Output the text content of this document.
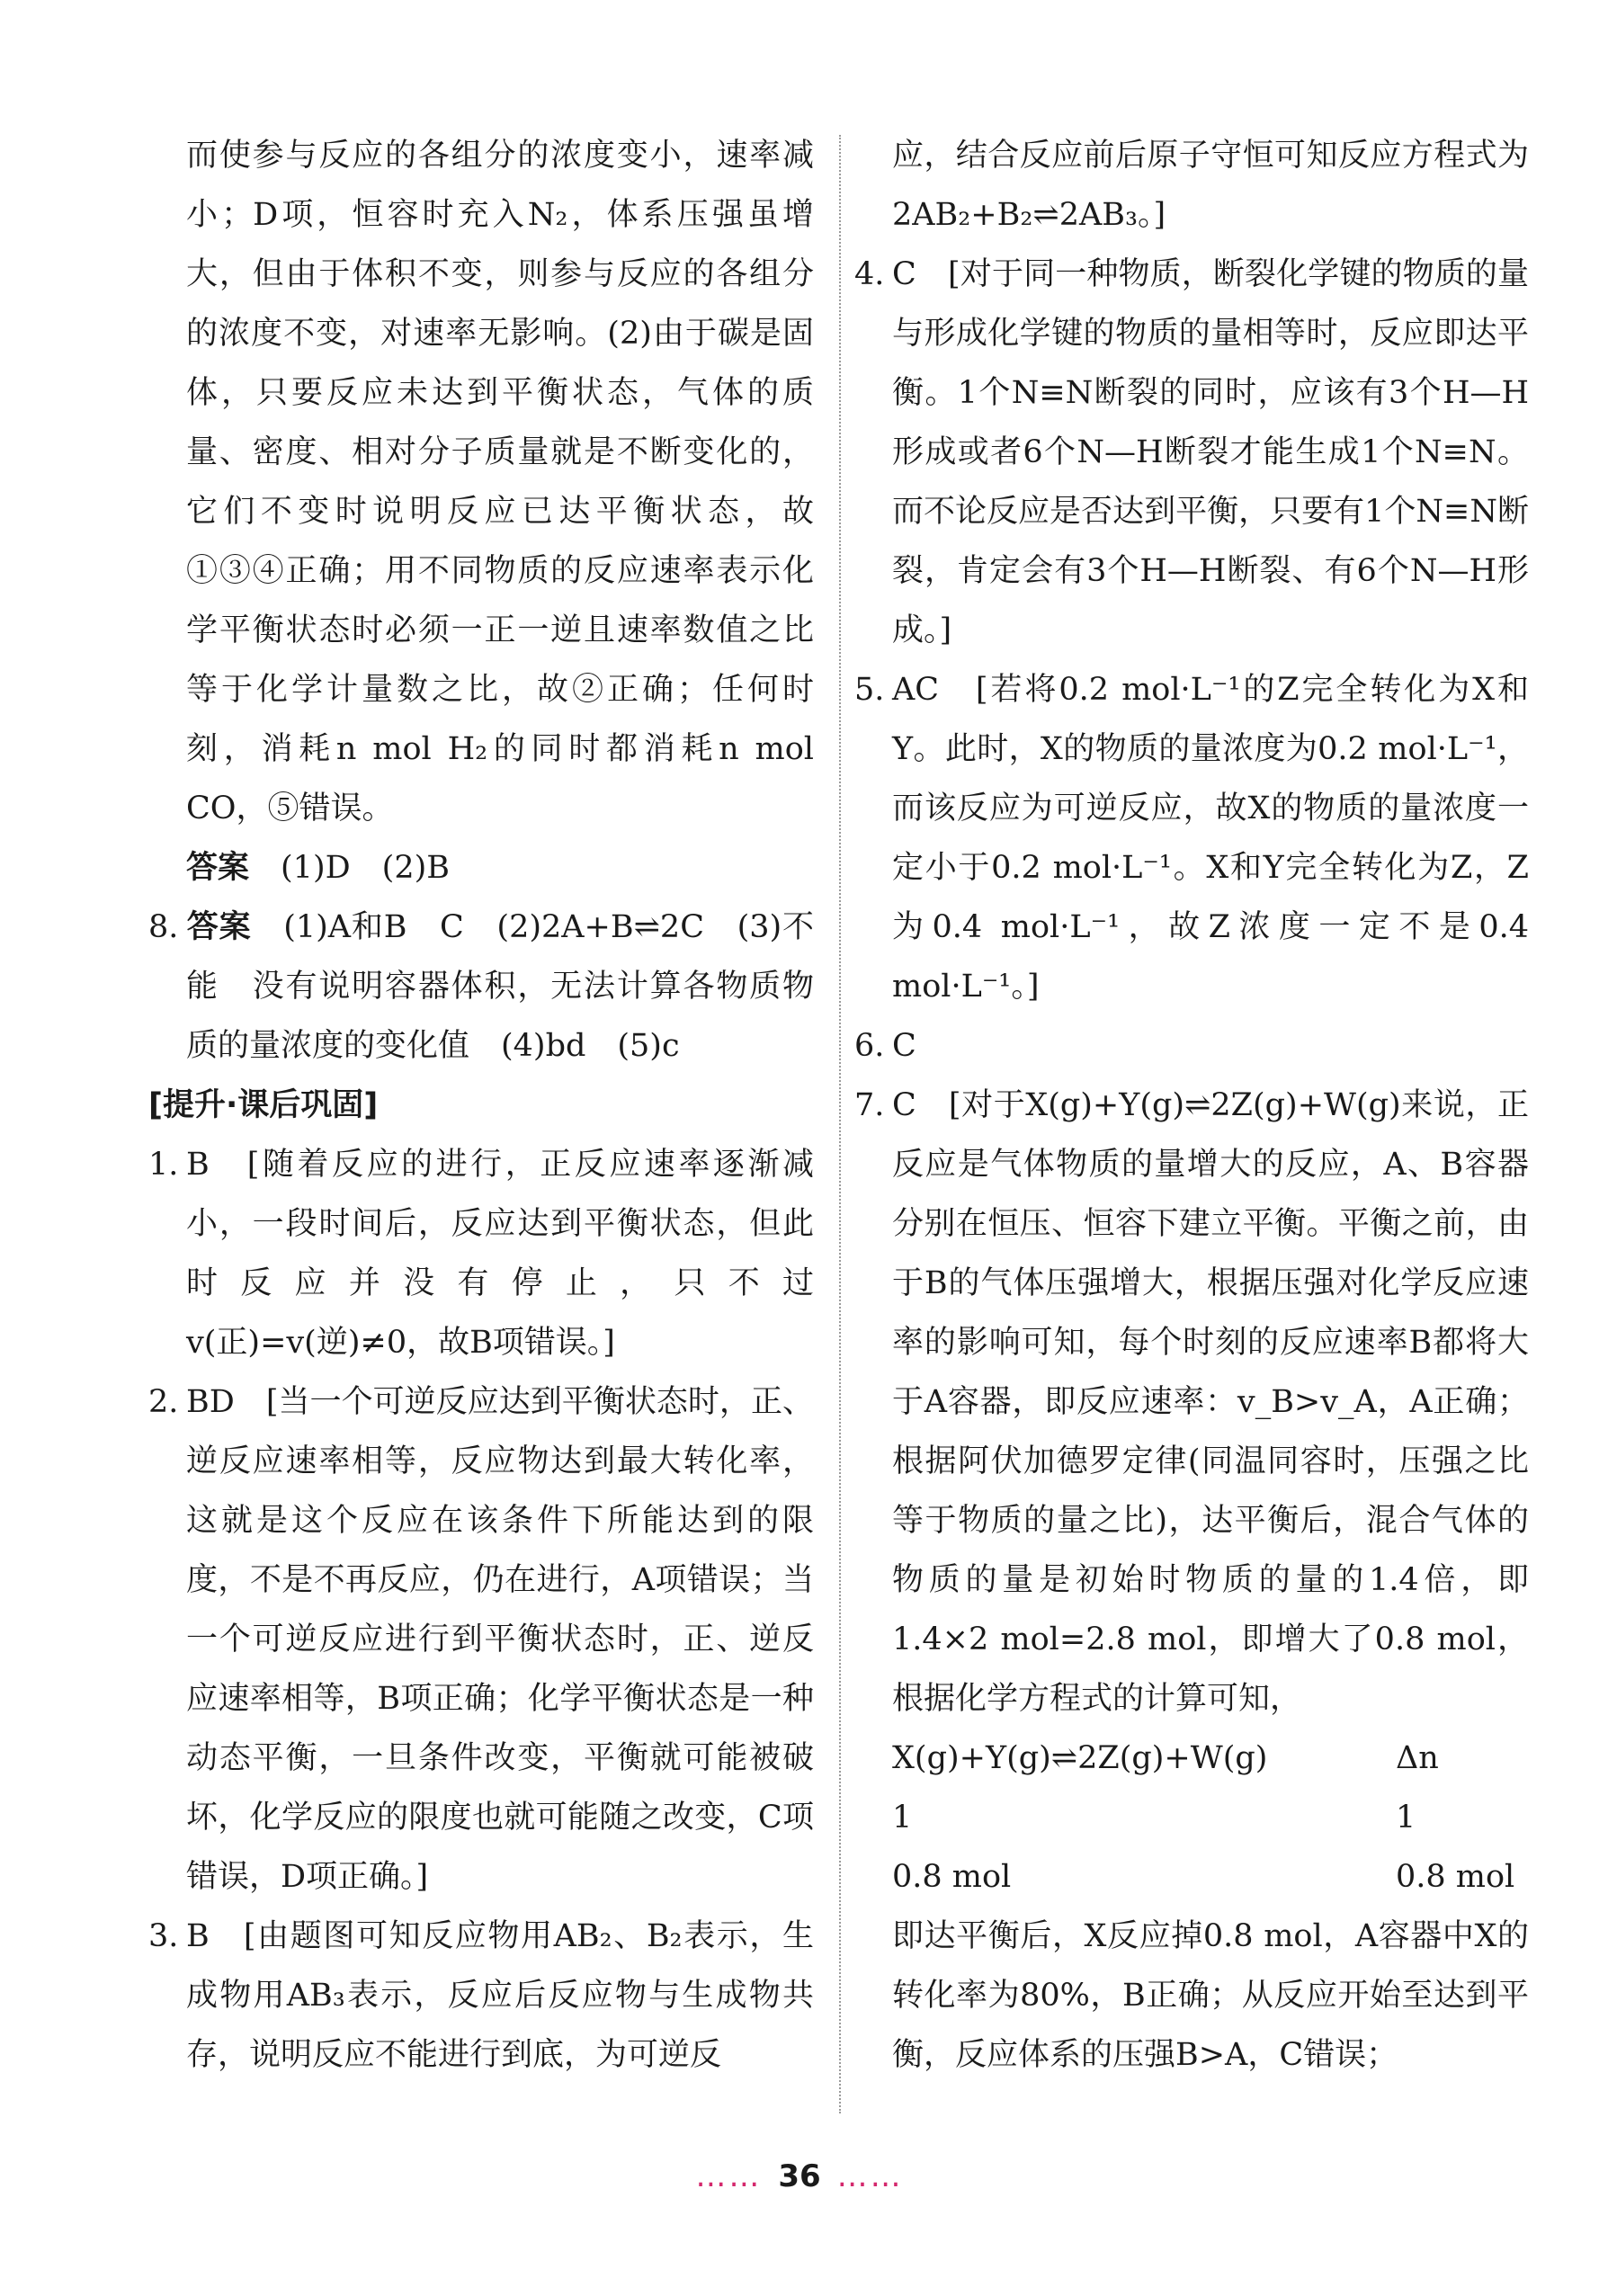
而使参与反应的各组分的浓度变小，速率减小；D项，恒容时充入N₂，体系压强虽增大，但由于体积不变，则参与反应的各组分的浓度不变，对速率无影响。(2)由于碳是固体，只要反应未达到平衡状态，气体的质量、密度、相对分子质量就是不断变化的，它们不变时说明反应已达平衡状态，故①③④正确；用不同物质的反应速率表示化学平衡状态时必须一正一逆且速率数值之比等于化学计量数之比，故②正确；任何时刻，消耗n mol H₂的同时都消耗n mol CO，⑤错误。

答案　 (1)D　(2)B

8. 答案　 (1)A和B　C　(2)2A+B⇌2C　(3)不能　没有说明容器体积，无法计算各物质物质的量浓度的变化值　(4)bd　(5)c

[提升·课后巩固]

1. B　[随着反应的进行，正反应速率逐渐减小，一段时间后，反应达到平衡状态，但此时反应并没有停止，只不过v(正)=v(逆)≠0，故B项错误。]

2. BD　[当一个可逆反应达到平衡状态时，正、逆反应速率相等，反应物达到最大转化率，这就是这个反应在该条件下所能达到的限度，不是不再反应，仍在进行，A项错误；当一个可逆反应进行到平衡状态时，正、逆反应速率相等，B项正确；化学平衡状态是一种动态平衡，一旦条件改变，平衡就可能被破坏，化学反应的限度也就可能随之改变，C项错误，D项正确。]

3. B　[由题图可知反应物用AB₂、B₂表示，生成物用AB₃表示，反应后反应物与生成物共存，说明反应不能进行到底，为可逆反

应，结合反应前后原子守恒可知反应方程式为2AB₂+B₂⇌2AB₃。]

4. C　[对于同一种物质，断裂化学键的物质的量与形成化学键的物质的量相等时，反应即达平衡。1个N≡N断裂的同时，应该有3个H—H形成或者6个N—H断裂才能生成1个N≡N。而不论反应是否达到平衡，只要有1个N≡N断裂，肯定会有3个H—H断裂、有6个N—H形成。]

5. AC　[若将0.2 mol·L⁻¹的Z完全转化为X和Y。此时，X的物质的量浓度为0.2 mol·L⁻¹，而该反应为可逆反应，故X的物质的量浓度一定小于0.2 mol·L⁻¹。X和Y完全转化为Z，Z为0.4 mol·L⁻¹，故Z浓度一定不是0.4 mol·L⁻¹。]

6. C

7. C　[对于X(g)+Y(g)⇌2Z(g)+W(g)来说，正反应是气体物质的量增大的反应，A、B容器分别在恒压、恒容下建立平衡。平衡之前，由于B的气体压强增大，根据压强对化学反应速率的影响可知，每个时刻的反应速率B都将大于A容器，即反应速率：v_B>v_A，A正确；根据阿伏加德罗定律(同温同容时，压强之比等于物质的量之比)，达平衡后，混合气体的物质的量是初始时物质的量的1.4倍，即1.4×2 mol=2.8 mol，即增大了0.8 mol，根据化学方程式的计算可知，

X(g)+Y(g)⇌2Z(g)+W(g)	Δn
1	1
0.8 mol	0.8 mol

即达平衡后，X反应掉0.8 mol，A容器中X的转化率为80%，B正确；从反应开始至达到平衡，反应体系的压强B>A，C错误；

…… 36 ……
